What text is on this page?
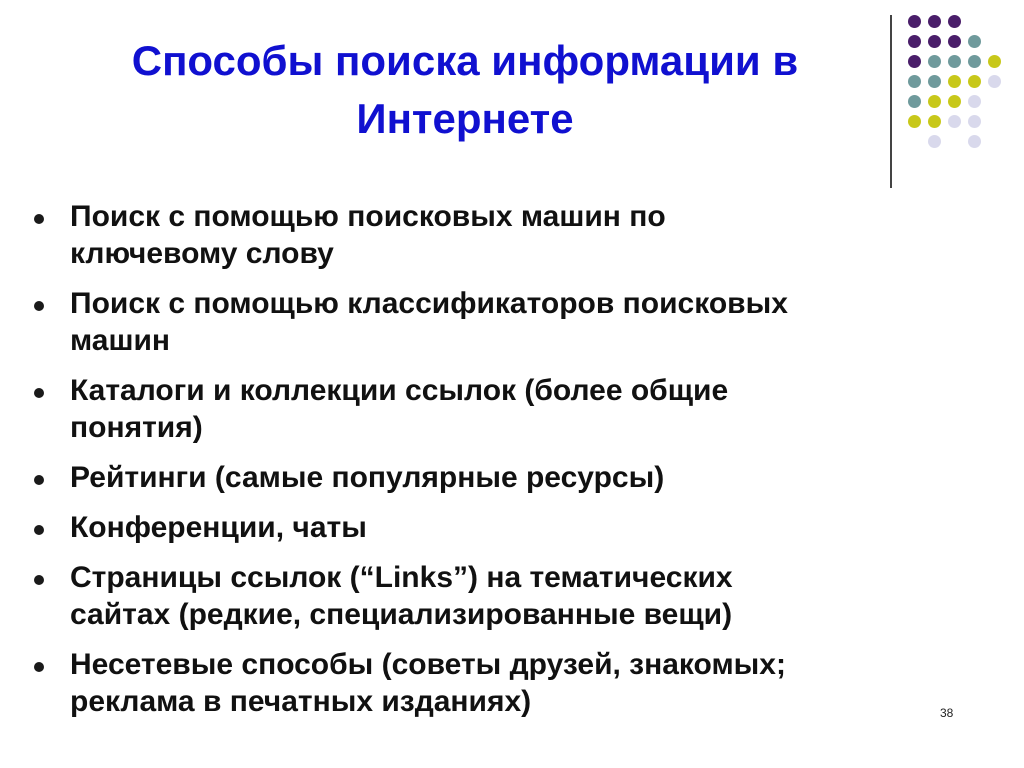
Способы поиска информации в
Интернете
Поиск с помощью поисковых машин по
ключевому слову
Поиск с помощью классификаторов поисковых
машин
Каталоги и коллекции ссылок (более общие
понятия)
Рейтинги (самые популярные ресурсы)
Конференции, чаты
Страницы ссылок (“Links”) на тематических
сайтах (редкие, специализированные вещи)
Несетевые способы (советы друзей, знакомых;
реклама в печатных изданиях)	38
